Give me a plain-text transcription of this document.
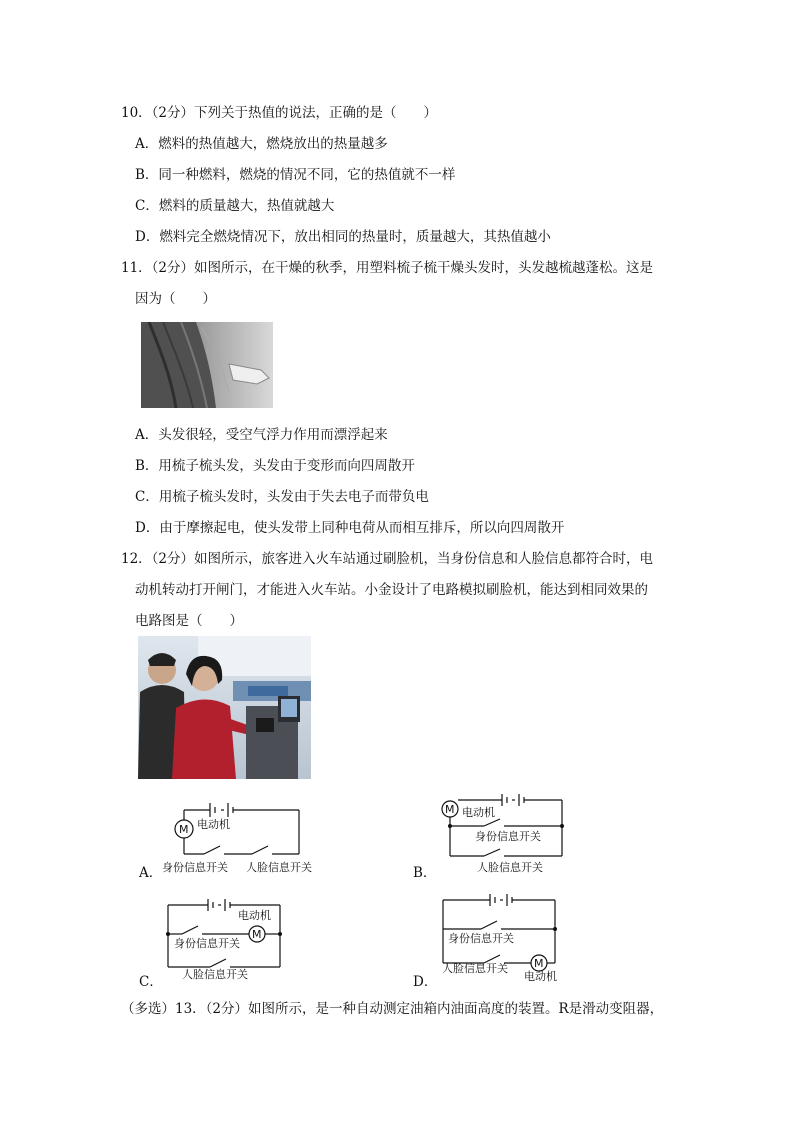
10．（2分）下列关于热值的说法，正确的是（　　）
A．燃料的热值越大，燃烧放出的热量越多
B．同一种燃料，燃烧的情况不同，它的热值就不一样
C．燃料的质量越大，热值就越大
D．燃料完全燃烧情况下，放出相同的热量时，质量越大，其热值越小
11．（2分）如图所示，在干燥的秋季，用塑料梳子梳干燥头发时，头发越梳越蓬松。这是
因为（　　）
A．头发很轻，受空气浮力作用而漂浮起来
B．用梳子梳头发，头发由于变形而向四周散开
C．用梳子梳头发时，头发由于失去电子而带负电
D．由于摩擦起电，使头发带上同种电荷从而相互排斥，所以向四周散开
12．（2分）如图所示，旅客进入火车站通过刷脸机，当身份信息和人脸信息都符合时，电
动机转动打开闸门，才能进入火车站。小金设计了电路模拟刷脸机，能达到相同效果的
电路图是（　　）
A．
M 电动机
身份信息开关 人脸信息开关	B．
M 电动机
身份信息开关
人脸信息开关
C．
电动机
M
身份信息开关
人脸信息开关	D．
身份信息开关
人脸信息开关 M
电动机
（多选）13．（2分）如图所示，是一种自动测定油箱内油面高度的装置。R是滑动变阻器，
